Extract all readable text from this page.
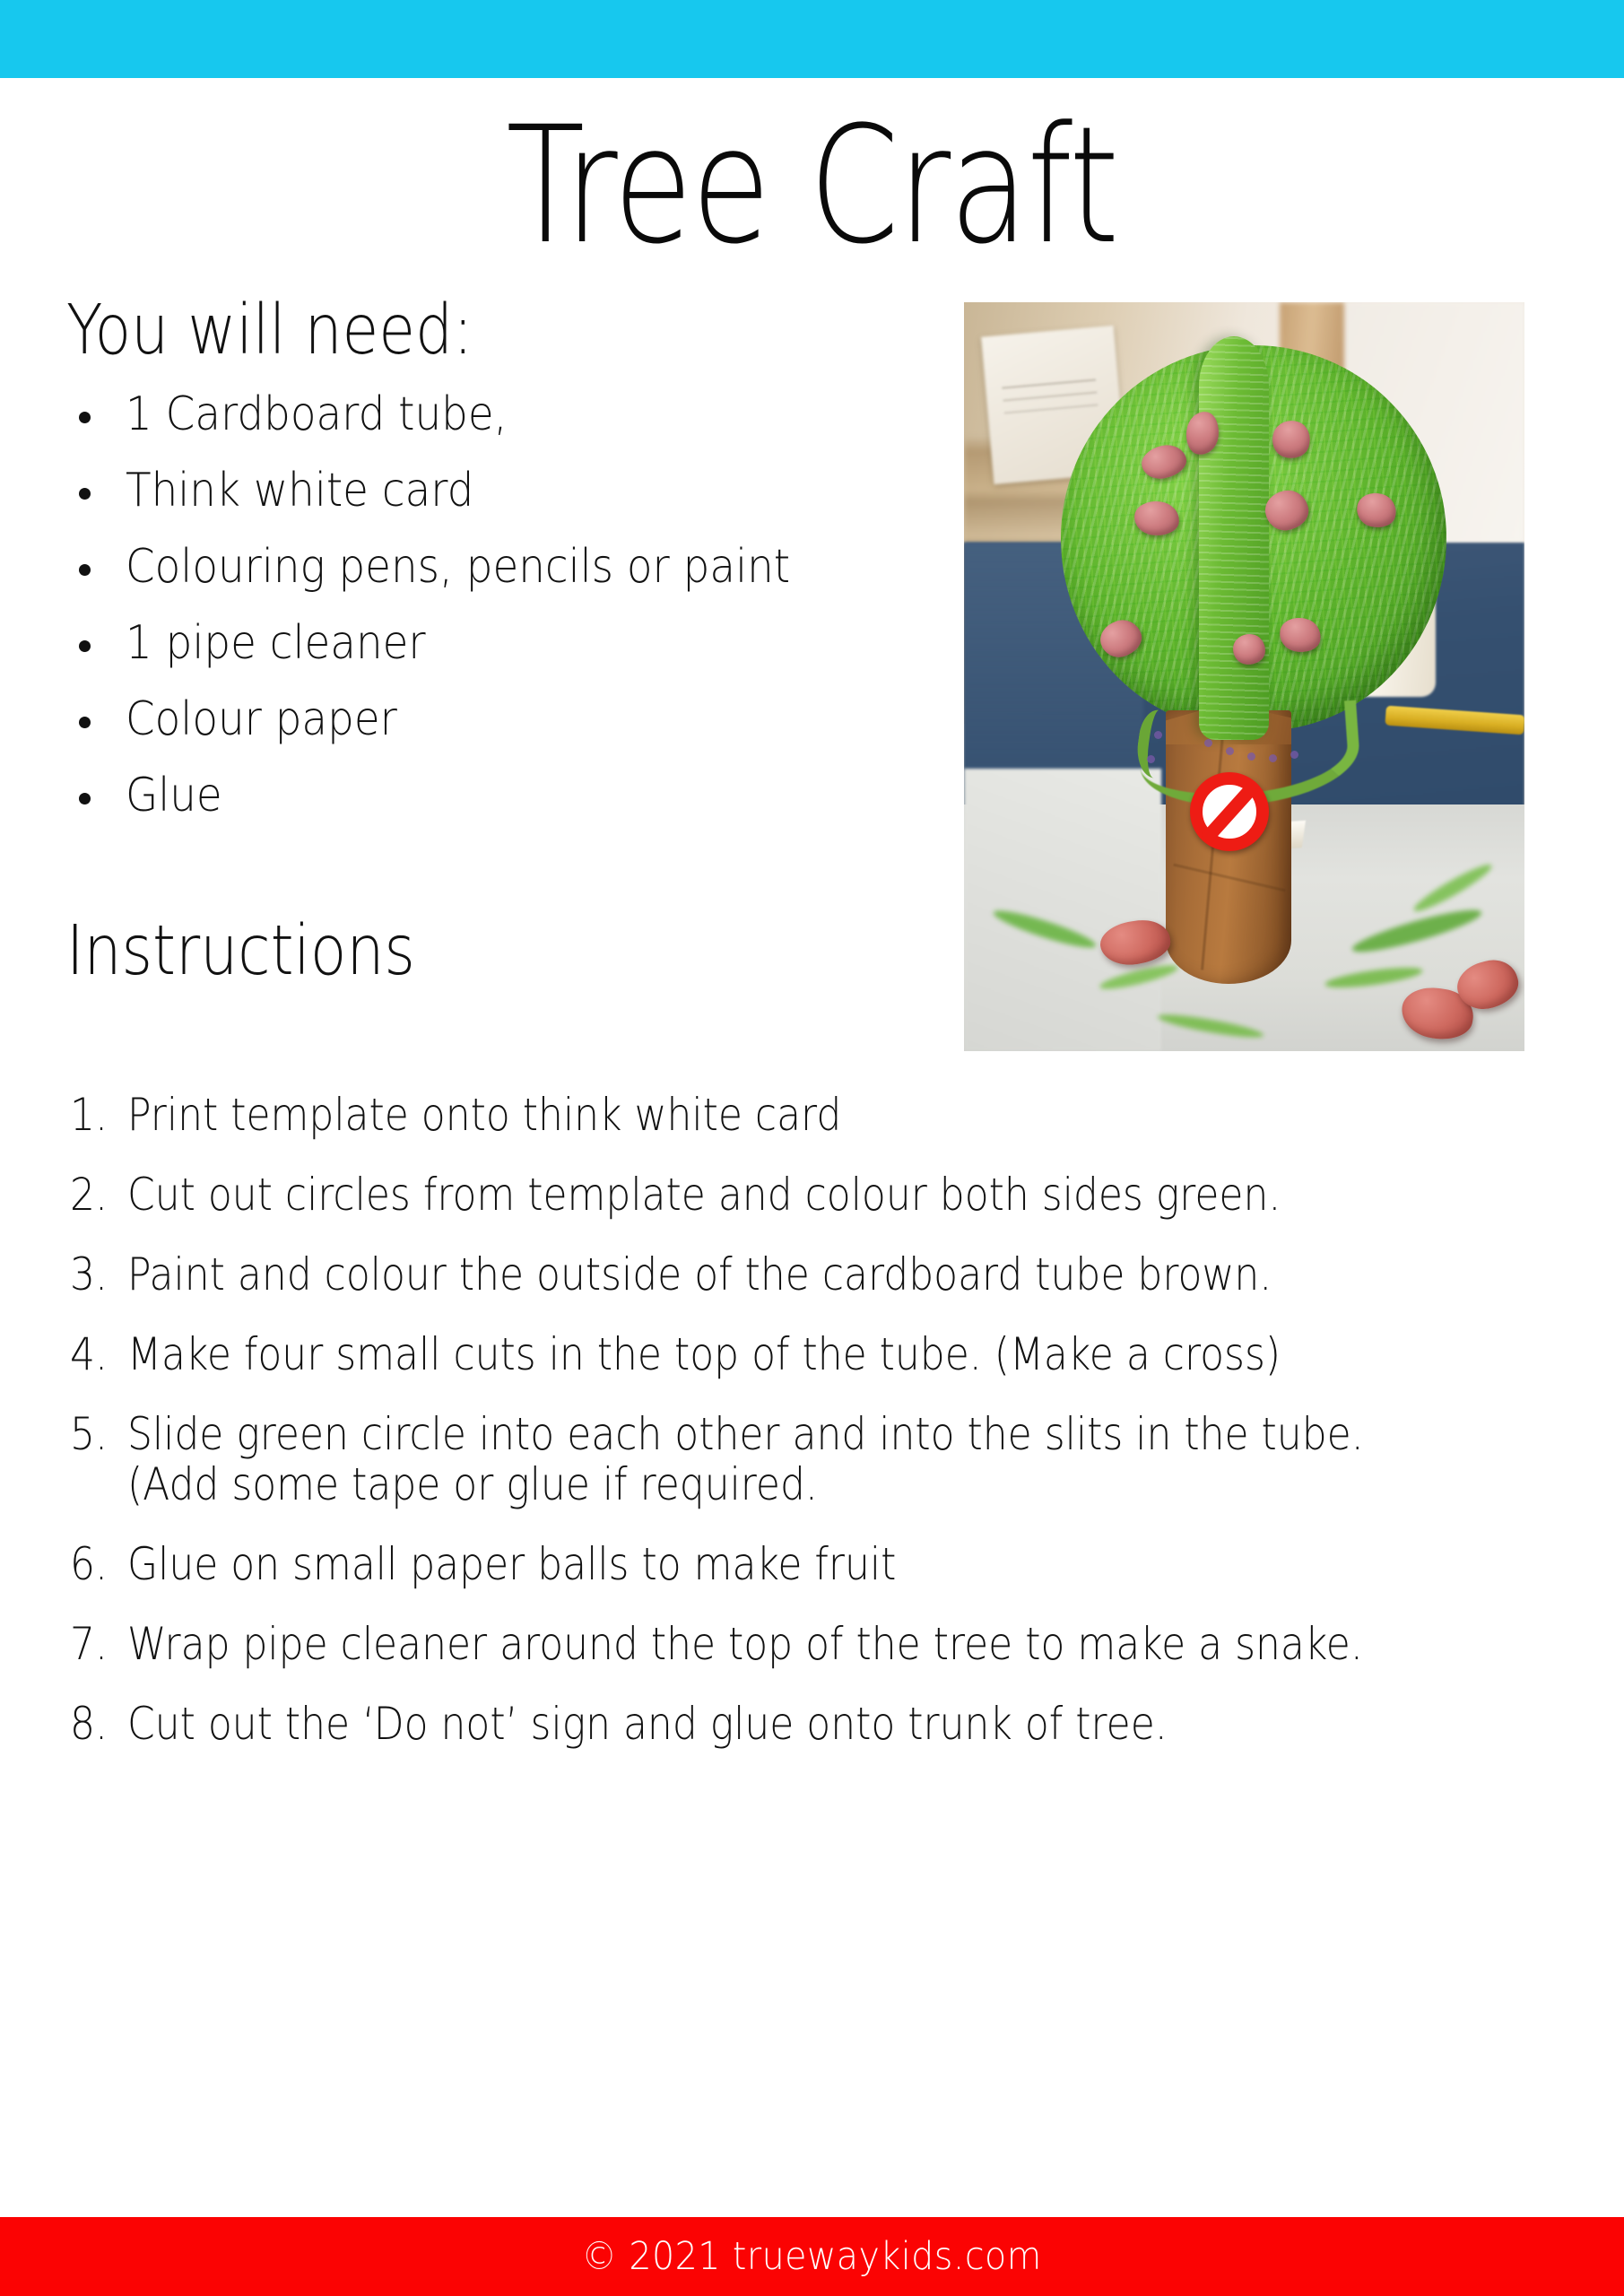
Tree Craft
You will need:
1 Cardboard tube,
Think white card
Colouring pens, pencils or paint
1 pipe cleaner
Colour paper
Glue
Instructions
1. Print template onto think white card
2. Cut out circles from template and colour both sides green.
3. Paint and colour the outside of the cardboard tube brown.
4. Make four small cuts in the top of the tube. (Make a cross)
5. Slide green circle into each other and into the slits in the tube.
(Add some tape or glue if required.
6. Glue on small paper balls to make fruit
7. Wrap pipe cleaner around the top of the tree to make a snake.
8. Cut out the ‘Do not’ sign and glue onto trunk of tree.
© 2021 truewaykids.com
